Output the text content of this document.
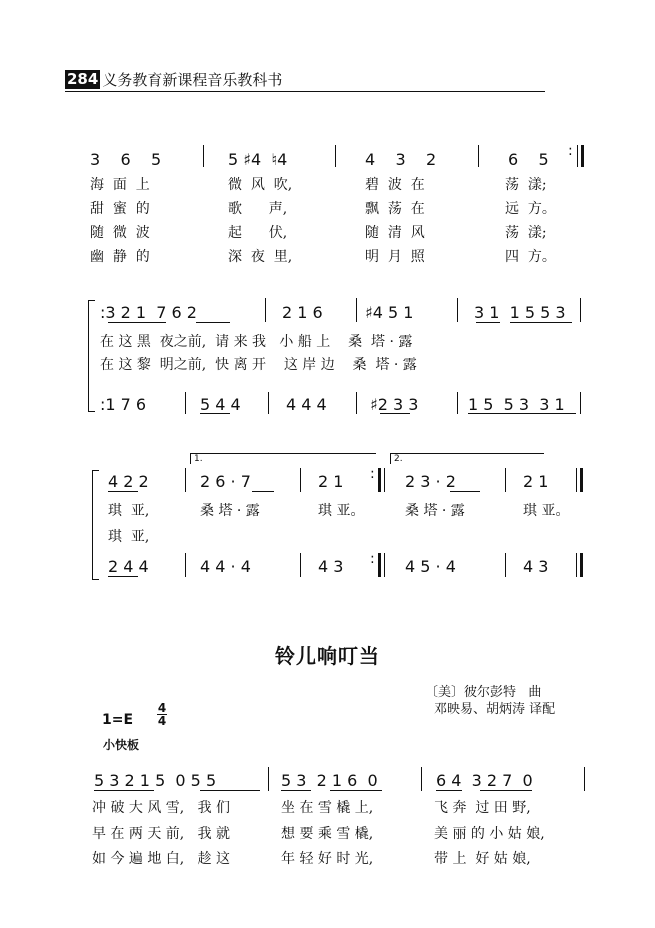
284 义务教育新课程音乐教科书
3    6    5	5 ♯4  ♮4	4    3    2	6    5 :
海  面  上	微  风  吹,	碧  波  在	荡  漾;
甜  蜜  的	歌      声,	飘  荡  在	远  方。
随  微  波	起      伏,	随  清  风	荡  漾;
幽  静  的	深  夜  里,	明  月  照	四  方。
:3 2 1  7 6 2	2 1 6	♯4 5 1	3 1  1 5 5 3
在 这 黑  夜之前,  请 来 我   小 船 上    桑  塔 · 露
在 这 黎  明之前,  快 离 开    这 岸 边    桑  塔 · 露
:1 7 6	5 4 4	4 4 4	♯2 3 3	1 5  5 3  3 1
1.	2.
4 2 2	2 6 · 7	2 1 : 2 3 · 2	2 1
琪  亚,	桑 塔 · 露	琪 亚。	桑 塔 · 露	琪 亚。
琪  亚,
2 4 4	4 4 · 4	4 3 : 4 5 · 4	4 3
铃儿响叮当
〔美〕彼尔彭特   曲
邓映易、胡炳涛 译配
1=E
4
4
小快板
5 3 2 1 5  0 5 5	5 3  2 1 6  0	6 4  3 2 7  0
冲 破 大 风 雪,   我 们	坐 在 雪 橇 上,	飞 奔  过 田 野,
早 在 两 天 前,   我 就	想 要 乘 雪 橇,	美 丽 的 小 姑 娘,
如 今 遍 地 白,   趁 这	年 轻 好 时 光,	带 上  好 姑 娘,
